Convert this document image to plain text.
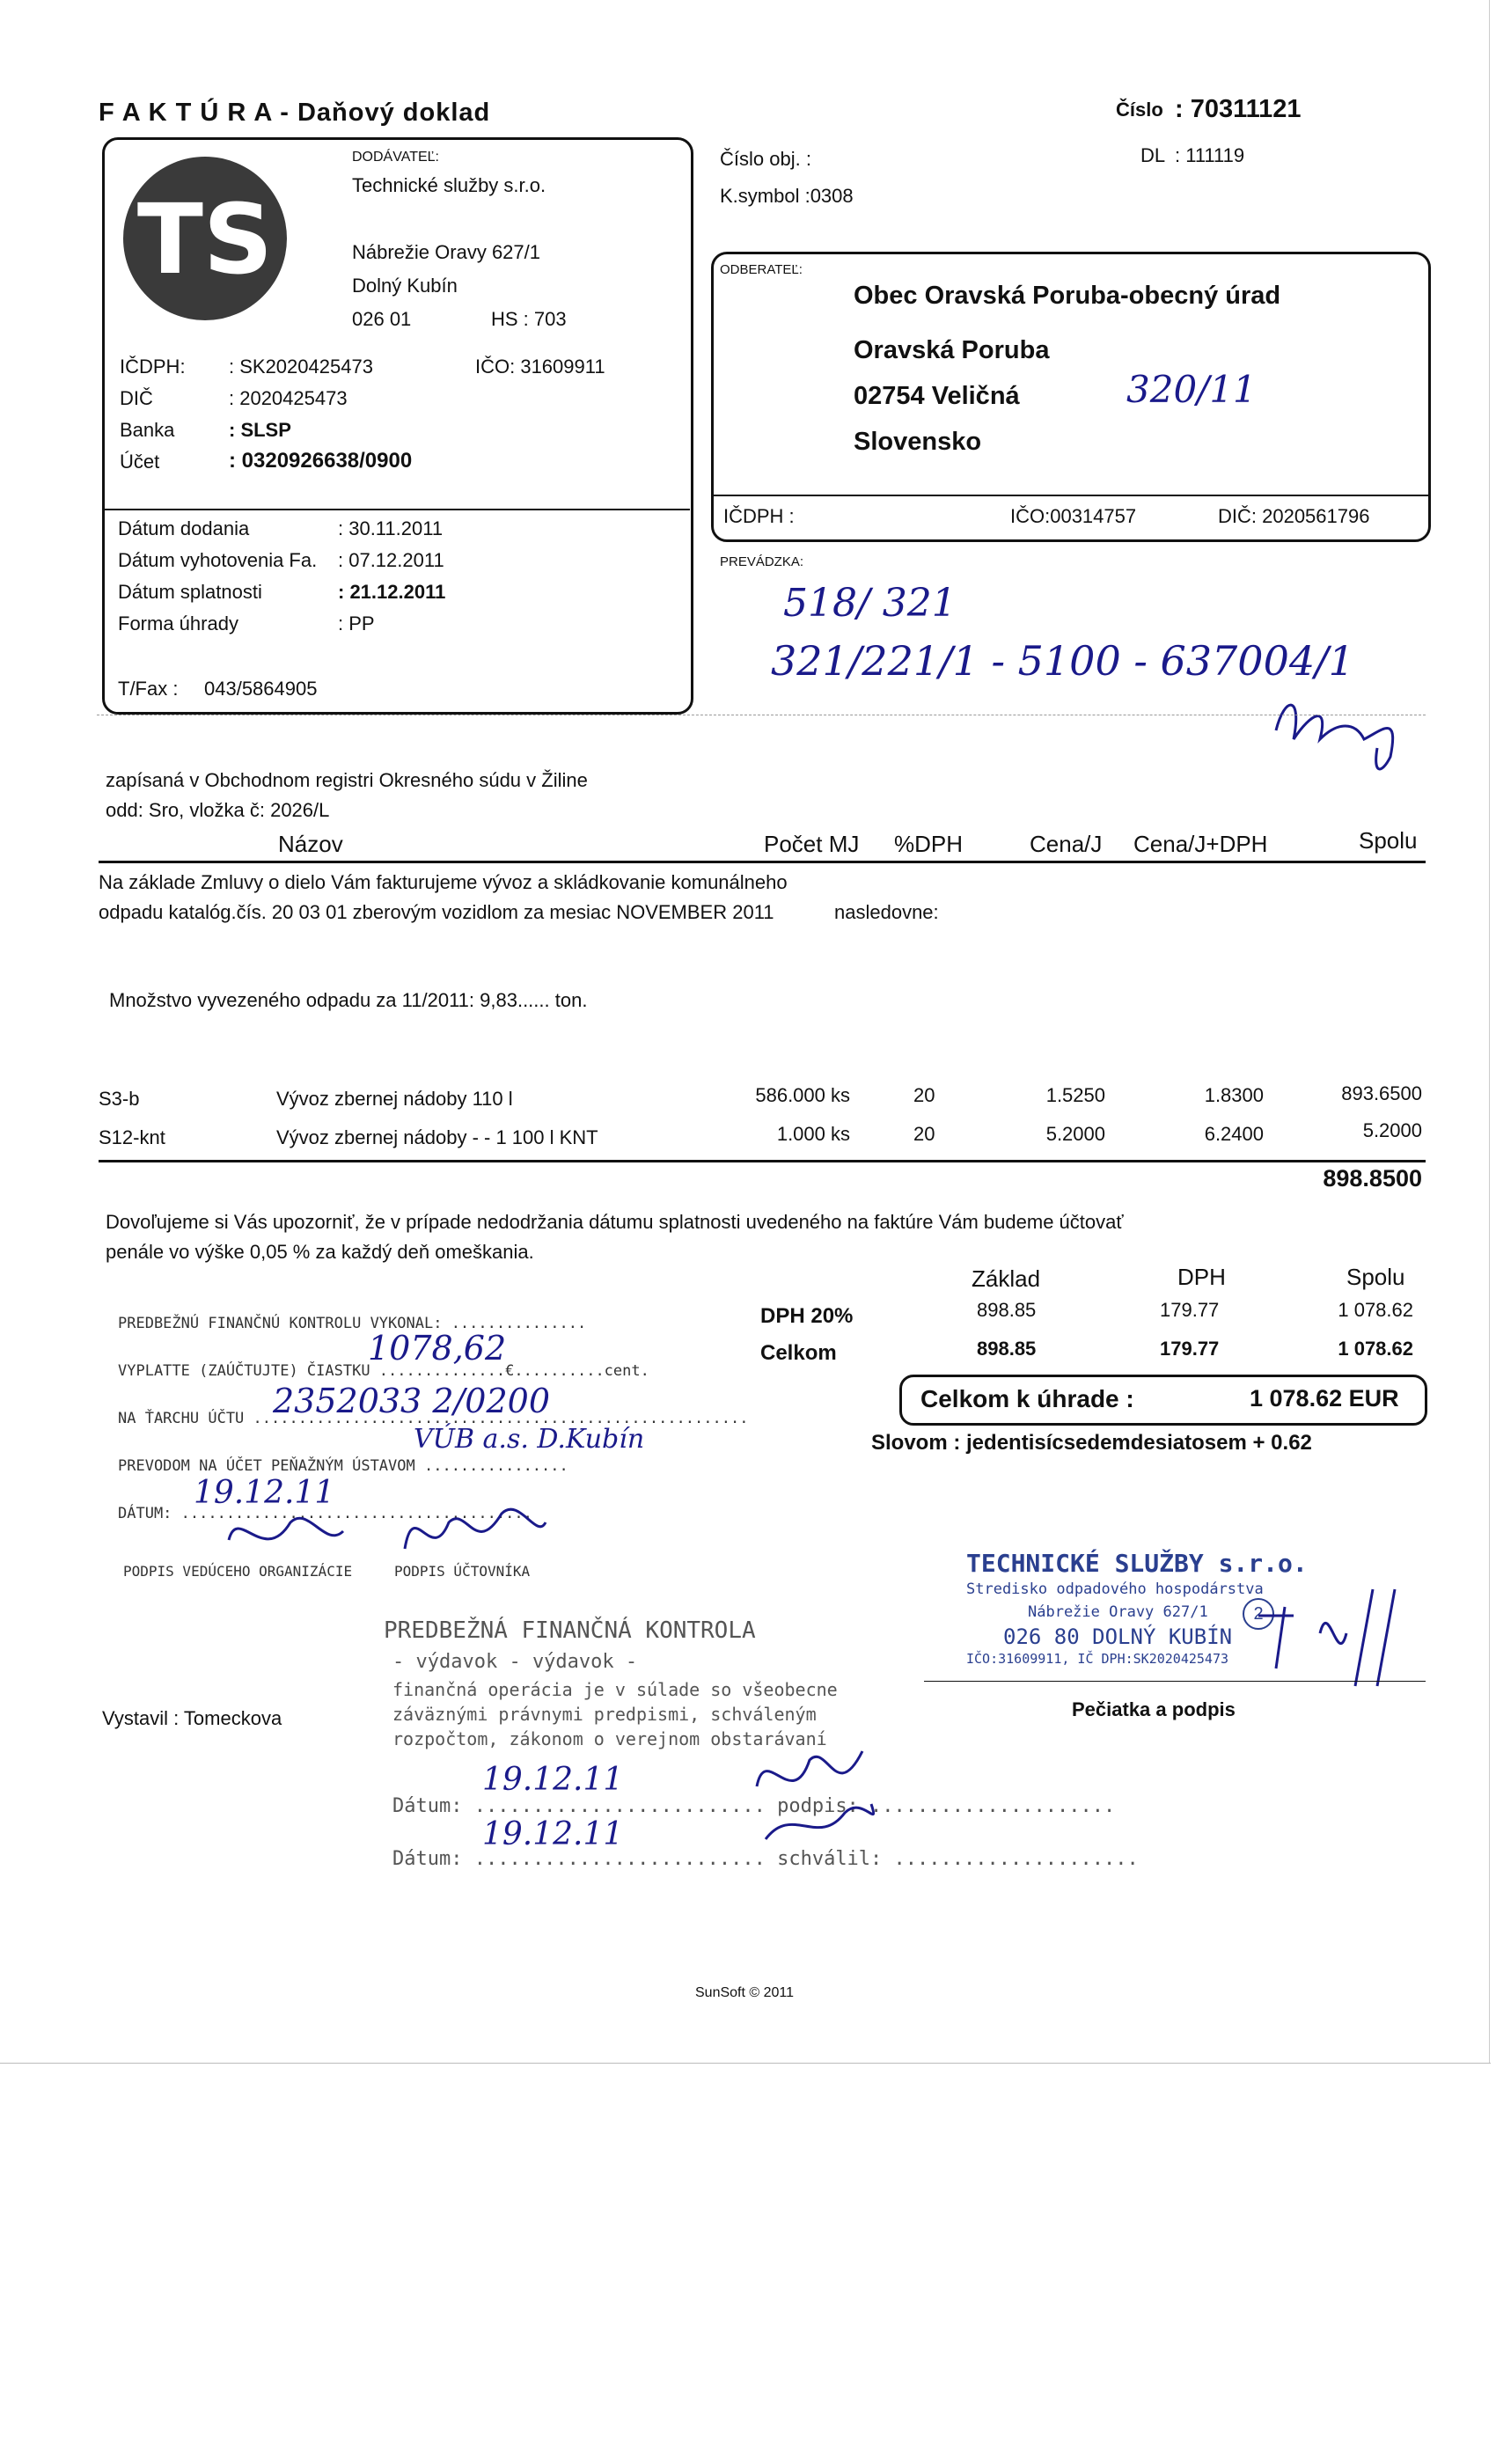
F A K T Ú R A - Daňový doklad	Číslo : 70311121
DL : 111119
Číslo obj. :
K.symbol :0308
TS
DODÁVATEĽ:
Technické služby s.r.o.
Nábrežie Oravy 627/1
Dolný Kubín
026 01	HS : 703
IČDPH: : SK2020425473	IČO: 31609911
DIČ	: 2020425473
Banka	: SLSP
Účet	: 0320926638/0900
Dátum dodania	: 30.11.2011
Dátum vyhotovenia Fa. : 07.12.2011
Dátum splatnosti	: 21.12.2011
Forma úhrady	: PP
T/Fax : 043/5864905
ODBERATEĽ:
Obec Oravská Poruba-obecný úrad
Oravská Poruba
02754 Veličná
Slovensko
320/11
IČDPH :	IČO:00314757	DIČ: 2020561796
PREVÁDZKA:
518/ 321
321/221/1 - 5100 - 637004/1
zapísaná v Obchodnom registri Okresného súdu v Žiline
odd: Sro, vložka č: 2026/L
Názov	Počet MJ %DPH	Cena/J Cena/J+DPH	Spolu
Na základe Zmluvy o dielo Vám fakturujeme vývoz a skládkovanie komunálneho
odpadu katalóg.čís. 20 03 01 zberovým vozidlom za mesiac NOVEMBER 2011	nasledovne:
Množstvo vyvezeného odpadu za 11/2011: 9,83...... ton.
S3-b	Vývoz zbernej nádoby 110 l	586.000 ks	20	1.5250	1.8300	893.6500
S12-knt	Vývoz zbernej nádoby - - 1 100 l KNT	1.000 ks	20	5.2000	6.2400	5.2000
898.8500
Dovoľujeme si Vás upozorniť, že v prípade nedodržania dátumu splatnosti uvedeného na faktúre Vám budeme účtovať
penále vo výške 0,05 % za každý deň omeškania.
Základ	DPH	Spolu
DPH 20%	898.85	179.77	1 078.62
Celkom	898.85	179.77	1 078.62
Celkom k úhrade :	1 078.62 EUR
Slovom : jedentisícsedemdesiatosem + 0.62
PREDBEŽNÚ FINANČNÚ KONTROLU VYKONAL: ...............
VYPLATTE (ZAÚČTUJTE) ČIASTKU ..............€..........cent.
NA ŤARCHU ÚČTU .......................................................
PREVODOM NA ÚČET PEŇAŽNÝM ÚSTAVOM ................
DÁTUM: .......................................
PODPIS VEDÚCEHO ORGANIZÁCIE	PODPIS ÚČTOVNÍKA
1078,62
2352033 2/0200
VÚB a.s. D.Kubín
19.12.11
PREDBEŽNÁ FINANČNÁ KONTROLA
- výdavok - výdavok -
finančná operácia je v súlade so všeobecne
záväznými právnymi predpismi, schváleným
rozpočtom, zákonom o verejnom obstarávaní
Dátum: ......................... podpis: .....................
Dátum: ......................... schválil: .....................
19.12.11
19.12.11
TECHNICKÉ SLUŽBY s.r.o.
Stredisko odpadového hospodárstva
Nábrežie Oravy 627/1
026 80 DOLNÝ KUBÍN
IČO:31609911, IČ DPH:SK2020425473
2
Vystavil : Tomeckova	Pečiatka a podpis
SunSoft © 2011
